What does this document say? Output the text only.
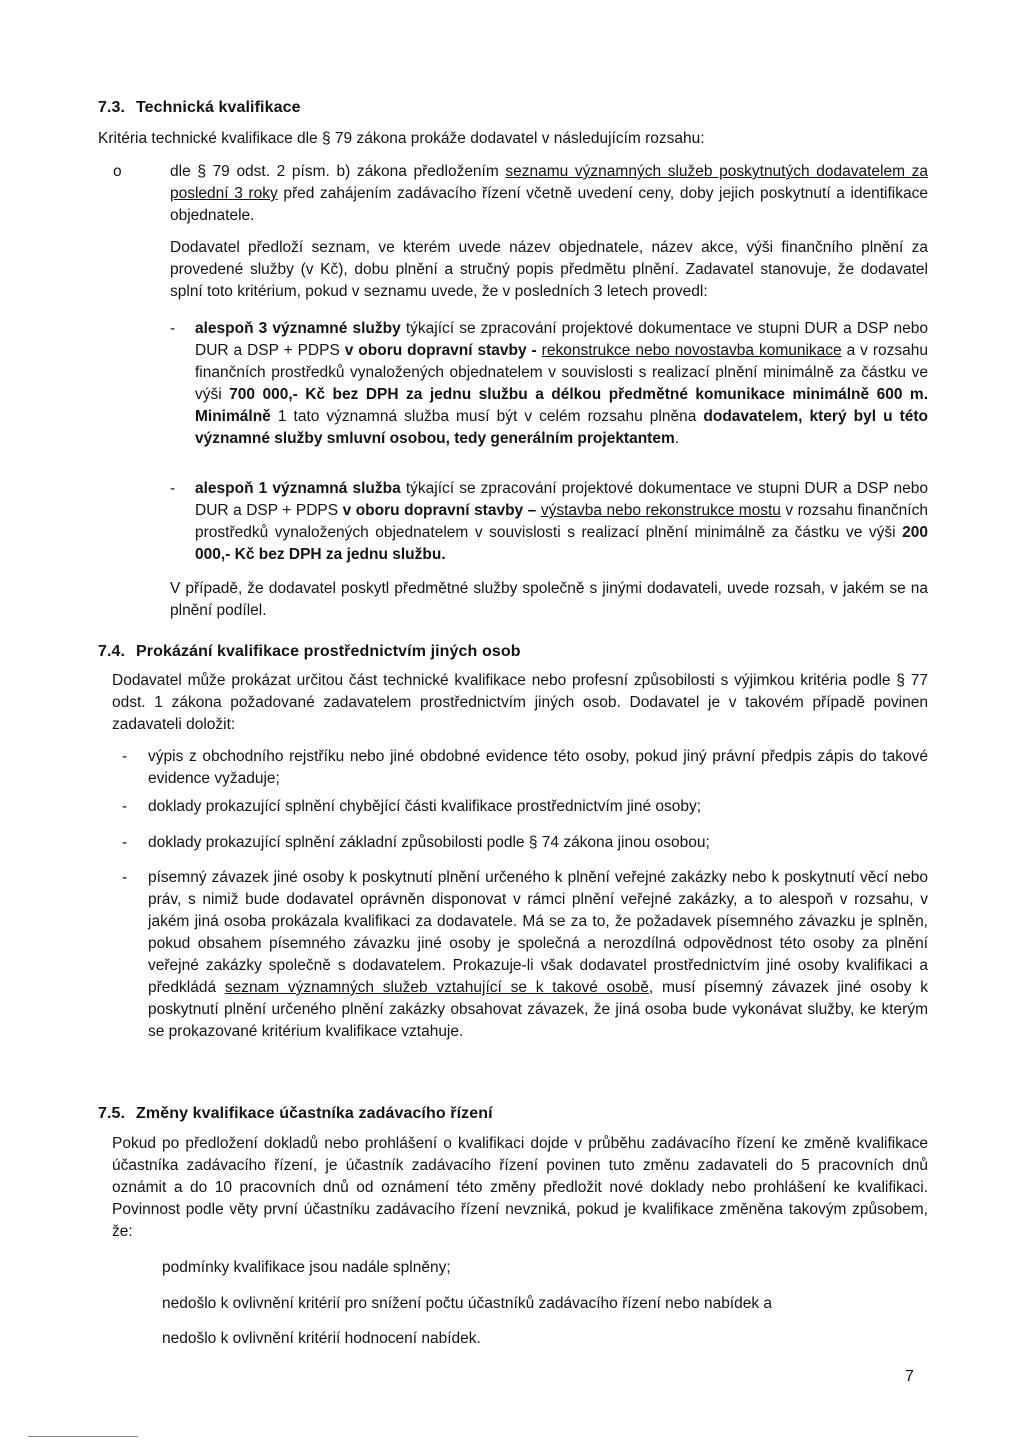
7.3. Technická kvalifikace
Kritéria technické kvalifikace dle § 79 zákona prokáže dodavatel v následujícím rozsahu:
o	dle § 79 odst. 2 písm. b) zákona předložením seznamu významných služeb poskytnutých dodavatelem za poslední 3 roky před zahájením zadávacího řízení včetně uvedení ceny, doby jejich poskytnutí a identifikace objednatele.
Dodavatel předloží seznam, ve kterém uvede název objednatele, název akce, výši finančního plnění za provedené služby (v Kč), dobu plnění a stručný popis předmětu plnění. Zadavatel stanovuje, že dodavatel splní toto kritérium, pokud v seznamu uvede, že v posledních 3 letech provedl:
-	alespoň 3 významné služby týkající se zpracování projektové dokumentace ve stupni DUR a DSP nebo DUR a DSP + PDPS v oboru dopravní stavby - rekonstrukce nebo novostavba komunikace a v rozsahu finančních prostředků vynaložených objednatelem v souvislosti s realizací plnění minimálně za částku ve výši 700 000,- Kč bez DPH za jednu službu a délkou předmětné komunikace minimálně 600 m. Minimálně 1 tato významná služba musí být v celém rozsahu plněna dodavatelem, který byl u této významné služby smluvní osobou, tedy generálním projektantem.
-	alespoň 1 významná služba týkající se zpracování projektové dokumentace ve stupni DUR a DSP nebo DUR a DSP + PDPS v oboru dopravní stavby – výstavba nebo rekonstrukce mostu v rozsahu finančních prostředků vynaložených objednatelem v souvislosti s realizací plnění minimálně za částku ve výši 200 000,- Kč bez DPH za jednu službu.
V případě, že dodavatel poskytl předmětné služby společně s jinými dodavateli, uvede rozsah, v jakém se na plnění podílel.
7.4. Prokázání kvalifikace prostřednictvím jiných osob
Dodavatel může prokázat určitou část technické kvalifikace nebo profesní způsobilosti s výjimkou kritéria podle § 77 odst. 1 zákona požadované zadavatelem prostřednictvím jiných osob. Dodavatel je v takovém případě povinen zadavateli doložit:
-	výpis z obchodního rejstříku nebo jiné obdobné evidence této osoby, pokud jiný právní předpis zápis do takové evidence vyžaduje;
-	doklady prokazující splnění chybějící části kvalifikace prostřednictvím jiné osoby;
-	doklady prokazující splnění základní způsobilosti podle § 74 zákona jinou osobou;
-	písemný závazek jiné osoby k poskytnutí plnění určeného k plnění veřejné zakázky nebo k poskytnutí věcí nebo práv, s nimiž bude dodavatel oprávněn disponovat v rámci plnění veřejné zakázky, a to alespoň v rozsahu, v jakém jiná osoba prokázala kvalifikaci za dodavatele. Má se za to, že požadavek písemného závazku je splněn, pokud obsahem písemného závazku jiné osoby je společná a nerozdílná odpovědnost této osoby za plnění veřejné zakázky společně s dodavatelem. Prokazuje-li však dodavatel prostřednictvím jiné osoby kvalifikaci a předkládá seznam významných služeb vztahující se k takové osobě, musí písemný závazek jiné osoby k poskytnutí plnění určeného plnění zakázky obsahovat závazek, že jiná osoba bude vykonávat služby, ke kterým se prokazované kritérium kvalifikace vztahuje.
7.5. Změny kvalifikace účastníka zadávacího řízení
Pokud po předložení dokladů nebo prohlášení o kvalifikaci dojde v průběhu zadávacího řízení ke změně kvalifikace účastníka zadávacího řízení, je účastník zadávacího řízení povinen tuto změnu zadavateli do 5 pracovních dnů oznámit a do 10 pracovních dnů od oznámení této změny předložit nové doklady nebo prohlášení ke kvalifikaci. Povinnost podle věty první účastníku zadávacího řízení nevzniká, pokud je kvalifikace změněna takovým způsobem, že:
podmínky kvalifikace jsou nadále splněny;
nedošlo k ovlivnění kritérií pro snížení počtu účastníků zadávacího řízení nebo nabídek a
nedošlo k ovlivnění kritérií hodnocení nabídek.
7
